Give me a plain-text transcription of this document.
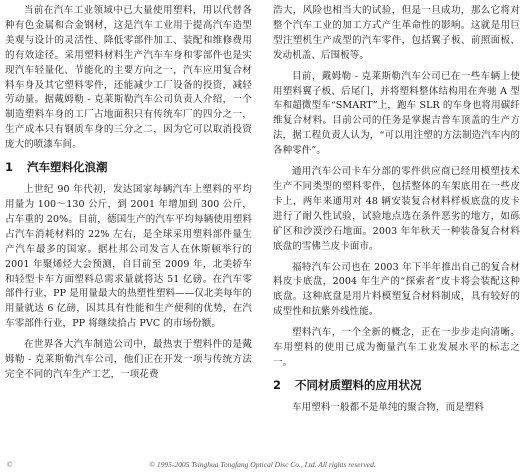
当前在汽车工业领域中已大量使用塑料，用以代替各种有色金属和合金钢材，这是汽车工业用于提高汽车造型美观与设计的灵活性、降低零部件加工、装配和维修费用的有效途径。采用塑料材料生产汽车车身和零部件也是实现汽车轻量化、节能化的主要方向之一，汽车应用复合材料车身及其它塑料零件，还能减少工厂设备的投资，减轻劳动量。据戴姆勒 - 克莱斯勒汽车公司负责人介绍，一个制造塑料车身的工厂占地面积只有传统车厂的四分之一，生产成本只有钢质车身的三分之二，因为它可以取消投资庞大的喷漆车间。

1 汽车塑料化浪潮

上世纪 90 年代初，发达国家每辆汽车上塑料的平均用量为 100～130 公斤，到 2001 年增加到 300 公斤，占车重的 20%。目前，德国生产的汽车平均每辆使用塑料占汽车消耗材料的 22% 左右，是全球采用塑料部件量生产汽车最多的国家。据杜邦公司发言人在休斯顿举行的 2001 年聚烯烃大会预测，自目前至 2009 年，北美轿车和轻型卡车方面塑料总需求量就将达 51 亿磅。在汽车零部件行业，PP 是用量最大的热塑性塑料——仅北美每年的用量就达 6 亿磅，因其具有性能和生产便利的优势，在汽车零部件行业，PP 将继续拾占 PVC 的市场份额。

在世界各大汽车制造公司中，最热衷于塑料件的是戴姆勒 - 克莱斯勒汽车公司，他们正在开发一项与传统方法完全不同的汽车生产工艺，一项花费

浩大，风险也相当大的试验，但是一旦成功，那么它将对整个汽车工业的加工方式产生革命性的影响。这就是用巨型注塑机生产成型的汽车零件，包括翼子板、前照面板、发动机盖、后围板等。

目前，戴姆勒 - 克莱斯勒汽车公司已在一些车辆上使用塑料翼子板、后尾门，并将塑料整体结构用在奔驰 A 型车和超微型车“SMART”上，跑车 SLR 的车身也将用碳纤维复合材料。目前公司的任务是掌握吉普车顶盖的生产方法，据工程负责人认为，“可以用注塑的方法制造汽车内的各种零件”。

通用汽车公司卡车分部的零件供应商已经用模塑技术生产不同类型的塑料零件，包括整体的车架底用在一些皮卡上，两年来通用对 48 辆安装复合材料样板底盘的皮卡进行了耐久性试验，试验地点选在条件恶劣的地方，如砾矿区和沙漠沙石地面。2003 年年秋天一种装备复合材料底盘的雪佛兰皮卡面市。

福特汽车公司也在 2003 年下半年推出自己的复合材料皮卡底盘，2004 年生产的“探索者”皮卡将会装配这种底盘。这种底盘是用片料模塑复合材料制成，具有较好的成型性和抗紫外线性能。

塑料汽车，一个全新的概念，正在一步步走向清晰。车用塑料的使用已成为衡量汽车工业发展水平的标志之一。

2 不同材质塑料的应用状况

车用塑料一般都不是单纯的聚合物，而是塑料

©	© 1995-2005 Tsinghua Tongfang Optical Disc Co., Ltd. All rights reserved.
